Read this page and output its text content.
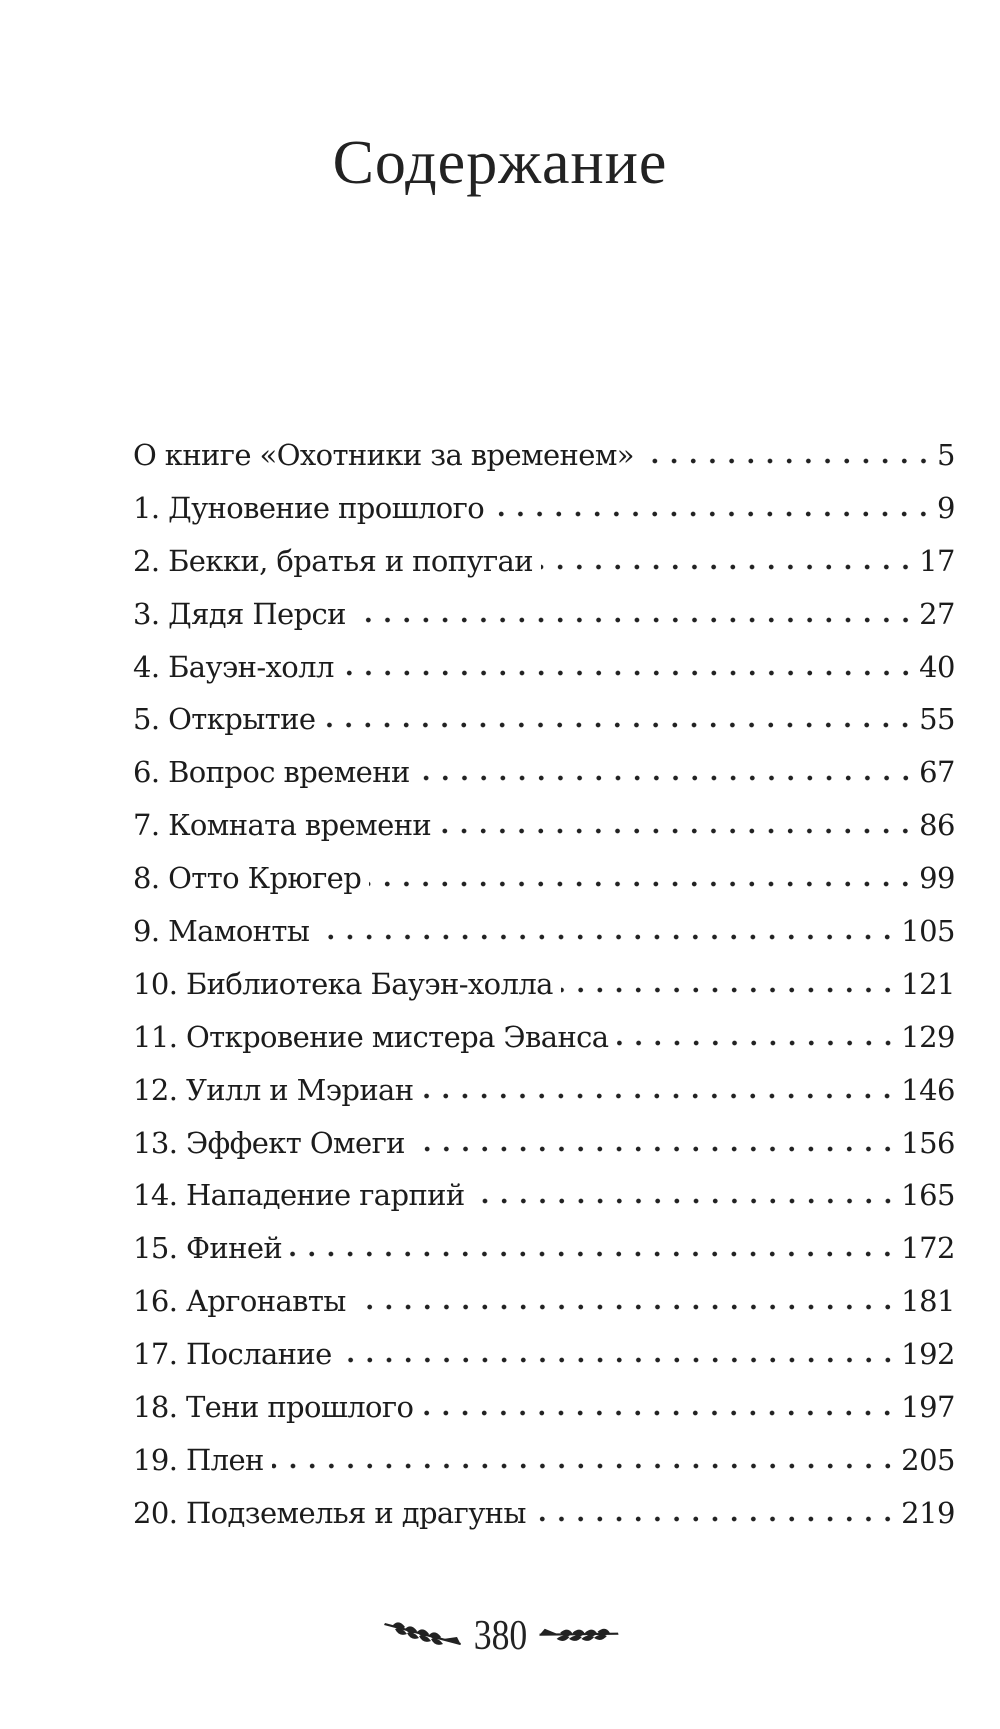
Содержание
О книге «Охотники за временем»	5
1. Дуновение прошлого	9
2. Бекки, братья и попугаи	17
3. Дядя Перси	27
4. Бауэн-холл	40
5. Открытие	55
6. Вопрос времени	67
7. Комната времени	86
8. Отто Крюгер	99
9. Мамонты	105
10. Библиотека Бауэн-холла	121
11. Откровение мистера Эванса	129
12. Уилл и Мэриан	146
13. Эффект Омеги	156
14. Нападение гарпий	165
15. Финей	172
16. Аргонавты	181
17. Послание	192
18. Тени прошлого	197
19. Плен	205
20. Подземелья и драгуны	219
380
